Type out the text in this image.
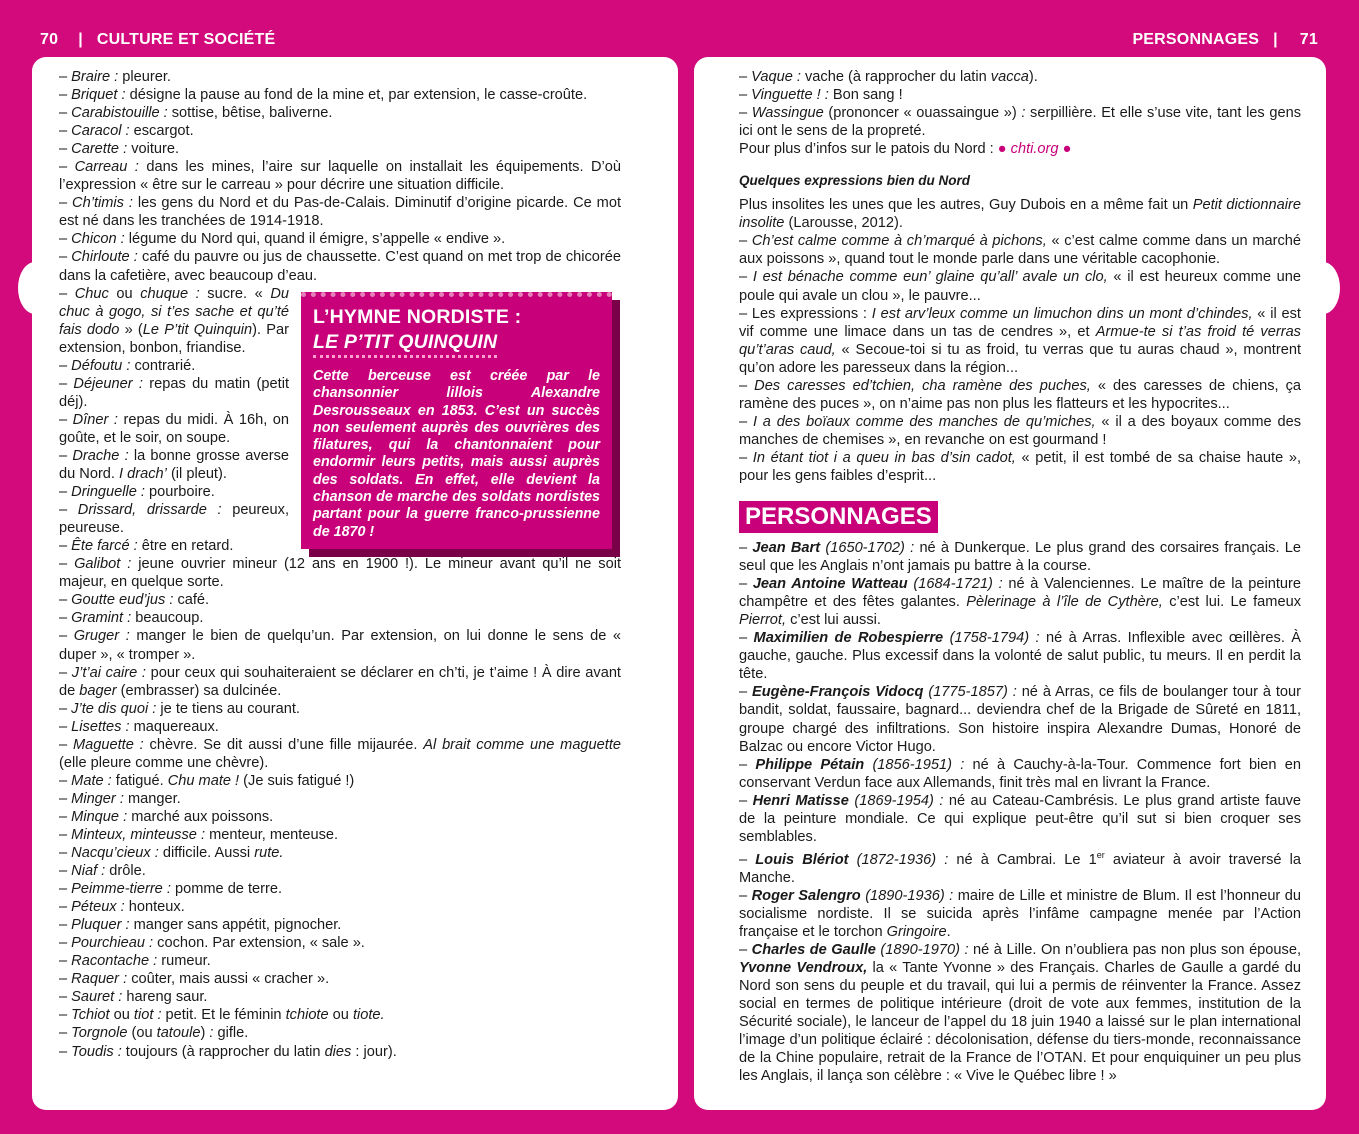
70 | CULTURE ET SOCIÉTÉ	PERSONNAGES | 71

– Braire : pleurer.

– Briquet : désigne la pause au fond de la mine et, par extension, le casse-croûte.

– Carabistouille : sottise, bêtise, baliverne.

– Caracol : escargot.

– Carette : voiture.

– Carreau : dans les mines, l’aire sur laquelle on installait les équipements. D’où l’expression « être sur le carreau » pour décrire une situation difficile.

– Ch’timis : les gens du Nord et du Pas-de-Calais. Diminutif d’origine picarde. Ce mot est né dans les tranchées de 1914-1918.

– Chicon : légume du Nord qui, quand il émigre, s’appelle « endive ».

– Chirloute : café du pauvre ou jus de chaussette. C’est quand on met trop de chicorée dans la cafetière, avec beaucoup d’eau.

– Chuc ou chuque : sucre. « Du chuc à gogo, si t’es sache et qu’té fais dodo » (Le P’tit Quinquin). Par extension, bonbon, friandise.

– Défoutu : contrarié.

– Déjeuner : repas du matin (petit déj).

– Dîner : repas du midi. À 16h, on goûte, et le soir, on soupe.

– Drache : la bonne grosse averse du Nord. I drach’ (il pleut).

– Dringuelle : pourboire.

– Drissard, drissarde : peureux, peureuse.

– Ête farcé : être en retard.

– Galibot : jeune ouvrier mineur (12 ans en 1900 !). Le mineur avant qu’il ne soit majeur, en quelque sorte.

– Goutte eud’jus : café.

– Gramint : beaucoup.

– Gruger : manger le bien de quelqu’un. Par extension, on lui donne le sens de « duper », « tromper ».

– J’t’ai caire : pour ceux qui souhaiteraient se déclarer en ch’ti, je t’aime ! À dire avant de bager (embrasser) sa dulcinée.

– J’te dis quoi : je te tiens au courant.

– Lisettes : maquereaux.

– Maguette : chèvre. Se dit aussi d’une fille mijaurée. Al brait comme une maguette (elle pleure comme une chèvre).

– Mate : fatigué. Chu mate ! (Je suis fatigué !)

– Minger : manger.

– Minque : marché aux poissons.

– Minteux, minteusse : menteur, menteuse.

– Nacqu’cieux : difficile. Aussi rute.

– Niaf : drôle.

– Peimme-tierre : pomme de terre.

– Péteux : honteux.

– Pluquer : manger sans appétit, pignocher.

– Pourchieau : cochon. Par extension, « sale ».

– Racontache : rumeur.

– Raquer : coûter, mais aussi « cracher ».

– Sauret : hareng saur.

– Tchiot ou tiot : petit. Et le féminin tchiote ou tiote.

– Torgnole (ou tatoule) : gifle.

– Toudis : toujours (à rapprocher du latin dies : jour).

L’HYMNE NORDISTE :
LE P’TIT QUINQUIN
Cette berceuse est créée par le chansonnier lillois Alexandre Desrousseaux en 1853. C’est un succès non seulement auprès des ouvrières des filatures, qui la chantonnaient pour endormir leurs petits, mais aussi auprès des soldats. En effet, elle devient la chanson de marche des soldats nordistes partant pour la guerre franco-prussienne de 1870 !

– Vaque : vache (à rapprocher du latin vacca).

– Vinguette ! : Bon sang !

– Wassingue (prononcer « ouassaingue ») : serpillière. Et elle s’use vite, tant les gens ici ont le sens de la propreté.

Pour plus d’infos sur le patois du Nord : ● chti.org ●

Quelques expressions bien du Nord

Plus insolites les unes que les autres, Guy Dubois en a même fait un Petit dictionnaire insolite (Larousse, 2012).

– Ch’est calme comme à ch’marqué à pichons, « c’est calme comme dans un marché aux poissons », quand tout le monde parle dans une véritable cacophonie.

– I est bénache comme eun’ glaine qu’all’ avale un clo, « il est heureux comme une poule qui avale un clou », le pauvre...

– Les expressions : I est arv’leux comme un limuchon dins un mont d’chindes, « il est vif comme une limace dans un tas de cendres », et Armue-te si t’as froid té verras qu’t’aras caud, « Secoue-toi si tu as froid, tu verras que tu auras chaud », montrent qu’on adore les paresseux dans la région...

– Des caresses ed’tchien, cha ramène des puches, « des caresses de chiens, ça ramène des puces », on n’aime pas non plus les flatteurs et les hypocrites...

– I a des boïaux comme des manches de qu’miches, « il a des boyaux comme des manches de chemises », en revanche on est gourmand !

– In étant tiot i a queu in bas d’sin cadot, « petit, il est tombé de sa chaise haute », pour les gens faibles d’esprit...

PERSONNAGES

– Jean Bart (1650-1702) : né à Dunkerque. Le plus grand des corsaires français. Le seul que les Anglais n’ont jamais pu battre à la course.

– Jean Antoine Watteau (1684-1721) : né à Valenciennes. Le maître de la peinture champêtre et des fêtes galantes. Pèlerinage à l’île de Cythère, c’est lui. Le fameux Pierrot, c’est lui aussi.

– Maximilien de Robespierre (1758-1794) : né à Arras. Inflexible avec œillères. À gauche, gauche. Plus excessif dans la volonté de salut public, tu meurs. Il en perdit la tête.

– Eugène-François Vidocq (1775-1857) : né à Arras, ce fils de boulanger tour à tour bandit, soldat, faussaire, bagnard... deviendra chef de la Brigade de Sûreté en 1811, groupe chargé des infiltrations. Son histoire inspira Alexandre Dumas, Honoré de Balzac ou encore Victor Hugo.

– Philippe Pétain (1856-1951) : né à Cauchy-à-la-Tour. Commence fort bien en conservant Verdun face aux Allemands, finit très mal en livrant la France.

– Henri Matisse (1869-1954) : né au Cateau-Cambrésis. Le plus grand artiste fauve de la peinture mondiale. Ce qui explique peut-être qu’il sut si bien croquer ses semblables.

– Louis Blériot (1872-1936) : né à Cambrai. Le 1er aviateur à avoir traversé la Manche.

– Roger Salengro (1890-1936) : maire de Lille et ministre de Blum. Il est l’honneur du socialisme nordiste. Il se suicida après l’infâme campagne menée par l’Action française et le torchon Gringoire.

– Charles de Gaulle (1890-1970) : né à Lille. On n’oubliera pas non plus son épouse, Yvonne Vendroux, la « Tante Yvonne » des Français. Charles de Gaulle a gardé du Nord son sens du peuple et du travail, qui lui a permis de réinventer la France. Assez social en termes de politique intérieure (droit de vote aux femmes, institution de la Sécurité sociale), le lanceur de l’appel du 18 juin 1940 a laissé sur le plan international l’image d’un politique éclairé : décolonisation, défense du tiers-monde, reconnaissance de la Chine populaire, retrait de la France de l’OTAN. Et pour enquiquiner un peu plus les Anglais, il lança son célèbre : « Vive le Québec libre ! »
